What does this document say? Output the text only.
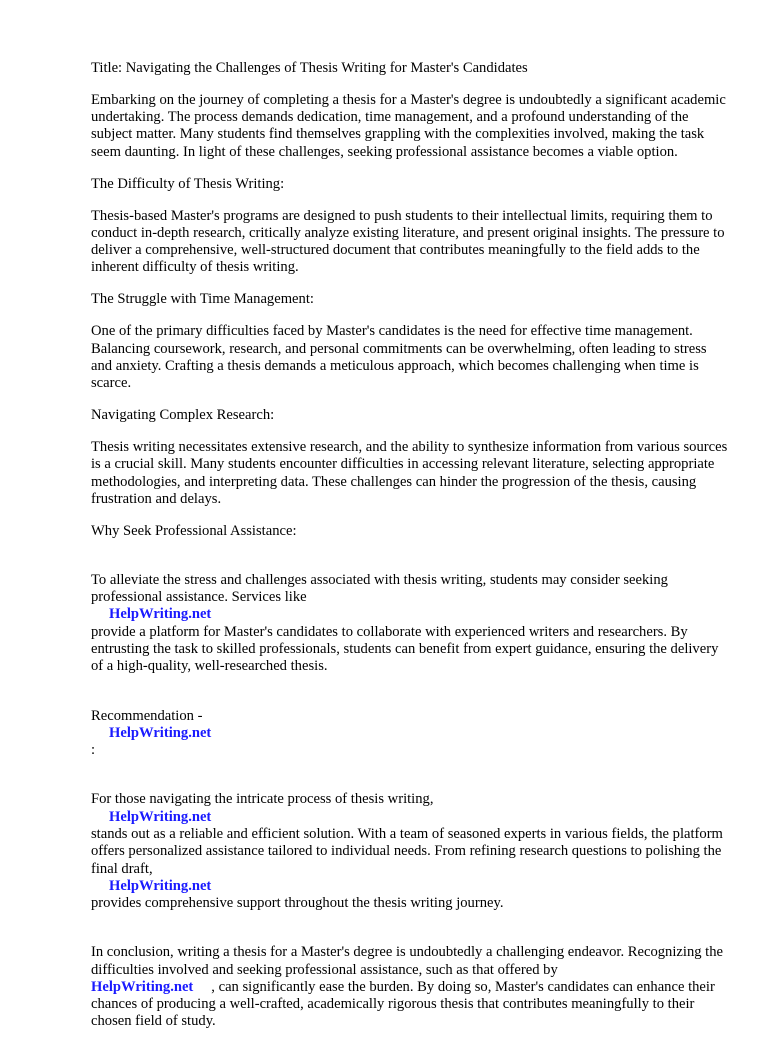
Title: Navigating the Challenges of Thesis Writing for Master's Candidates

Embarking on the journey of completing a thesis for a Master's degree is undoubtedly a significant academic undertaking. The process demands dedication, time management, and a profound understanding of the subject matter. Many students find themselves grappling with the complexities involved, making the task seem daunting. In light of these challenges, seeking professional assistance becomes a viable option.

The Difficulty of Thesis Writing:

Thesis-based Master's programs are designed to push students to their intellectual limits, requiring them to conduct in-depth research, critically analyze existing literature, and present original insights. The pressure to deliver a comprehensive, well-structured document that contributes meaningfully to the field adds to the inherent difficulty of thesis writing.

The Struggle with Time Management:

One of the primary difficulties faced by Master's candidates is the need for effective time management. Balancing coursework, research, and personal commitments can be overwhelming, often leading to stress and anxiety. Crafting a thesis demands a meticulous approach, which becomes challenging when time is scarce.

Navigating Complex Research:

Thesis writing necessitates extensive research, and the ability to synthesize information from various sources is a crucial skill. Many students encounter difficulties in accessing relevant literature, selecting appropriate methodologies, and interpreting data. These challenges can hinder the progression of the thesis, causing frustration and delays.

Why Seek Professional Assistance:

To alleviate the stress and challenges associated with thesis writing, students may consider seeking professional assistance. Services like
HelpWriting.net
provide a platform for Master's candidates to collaborate with experienced writers and researchers. By entrusting the task to skilled professionals, students can benefit from expert guidance, ensuring the delivery of a high-quality, well-researched thesis.

Recommendation -
HelpWriting.net
:

For those navigating the intricate process of thesis writing,
HelpWriting.net
stands out as a reliable and efficient solution. With a team of seasoned experts in various fields, the platform offers personalized assistance tailored to individual needs. From refining research questions to polishing the final draft,
HelpWriting.net
provides comprehensive support throughout the thesis writing journey.

In conclusion, writing a thesis for a Master's degree is undoubtedly a challenging endeavor. Recognizing the difficulties involved and seeking professional assistance, such as that offered by
HelpWriting.net , can significantly ease the burden. By doing so, Master's candidates can enhance their chances of producing a well-crafted, academically rigorous thesis that contributes meaningfully to their chosen field of study.
